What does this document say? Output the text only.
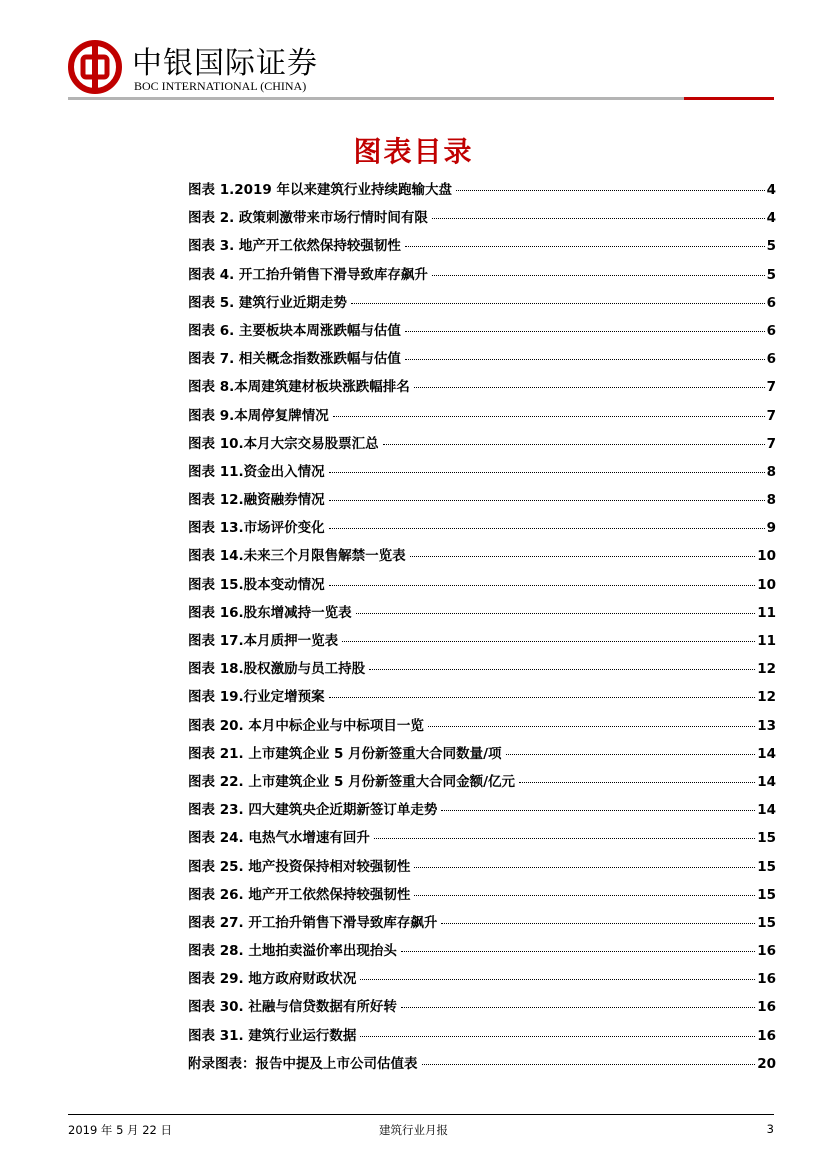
中银国际证券
BOC INTERNATIONAL (CHINA)
图表目录
图表 1.2019 年以来建筑行业持续跑输大盘	4
图表 2. 政策刺激带来市场行情时间有限	4
图表 3. 地产开工依然保持较强韧性	5
图表 4. 开工抬升销售下滑导致库存飙升	5
图表 5. 建筑行业近期走势	6
图表 6. 主要板块本周涨跌幅与估值	6
图表 7. 相关概念指数涨跌幅与估值	6
图表 8.本周建筑建材板块涨跌幅排名	7
图表 9.本周停复牌情况	7
图表 10.本月大宗交易股票汇总	7
图表 11.资金出入情况	8
图表 12.融资融券情况	8
图表 13.市场评价变化	9
图表 14.未来三个月限售解禁一览表	10
图表 15.股本变动情况	10
图表 16.股东增减持一览表	11
图表 17.本月质押一览表	11
图表 18.股权激励与员工持股	12
图表 19.行业定增预案	12
图表 20. 本月中标企业与中标项目一览	13
图表 21. 上市建筑企业 5 月份新签重大合同数量/项	14
图表 22. 上市建筑企业 5 月份新签重大合同金额/亿元	14
图表 23. 四大建筑央企近期新签订单走势	14
图表 24. 电热气水增速有回升	15
图表 25. 地产投资保持相对较强韧性	15
图表 26. 地产开工依然保持较强韧性	15
图表 27. 开工抬升销售下滑导致库存飙升	15
图表 28. 土地拍卖溢价率出现抬头	16
图表 29. 地方政府财政状况	16
图表 30. 社融与信贷数据有所好转	16
图表 31. 建筑行业运行数据	16
附录图表：报告中提及上市公司估值表	20
2019 年 5 月 22 日	建筑行业月报	3
